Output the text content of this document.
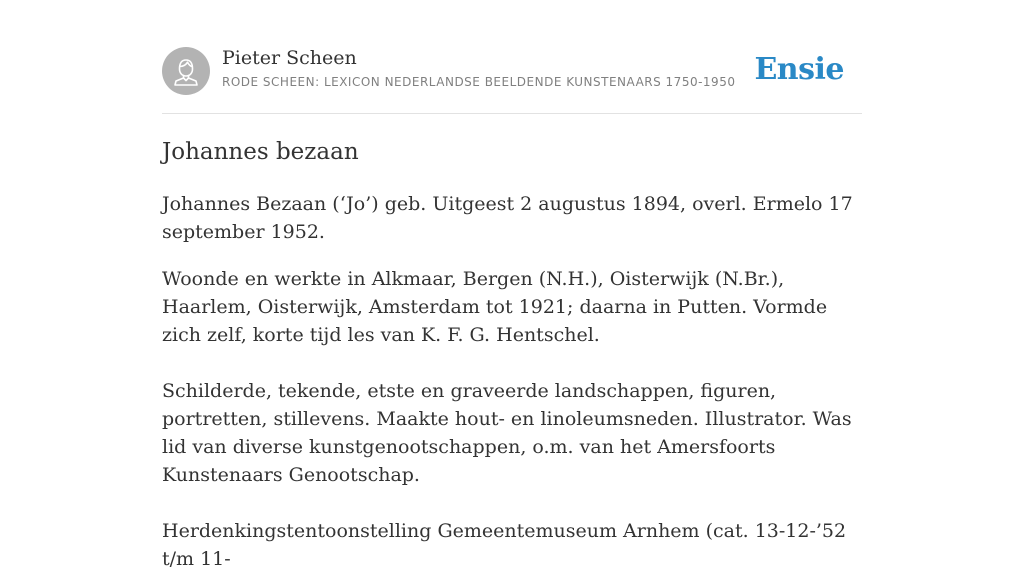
Pieter Scheen
RODE SCHEEN: LEXICON NEDERLANDSE BEELDENDE KUNSTENAARS 1750-1950 Ensie
Johannes bezaan

Johannes Bezaan (‘Jo’) geb. Uitgeest 2 augustus 1894, overl. Ermelo 17 september 1952.

Woonde en werkte in Alkmaar, Bergen (N.H.), Oisterwijk (N.Br.), Haarlem, Oisterwijk, Amsterdam tot 1921; daarna in Putten. Vormde zich zelf, korte tijd les van K. F. G. Hentschel.

Schilderde, tekende, etste en graveerde landschappen, figuren, portretten, stillevens. Maakte hout- en linoleumsneden. Illustrator. Was lid van diverse kunstgenootschappen, o.m. van het Amersfoorts Kunstenaars Genootschap.

Herdenkingstentoonstelling Gemeentemuseum Arnhem (cat. 13-12-’52 t/m 11-
